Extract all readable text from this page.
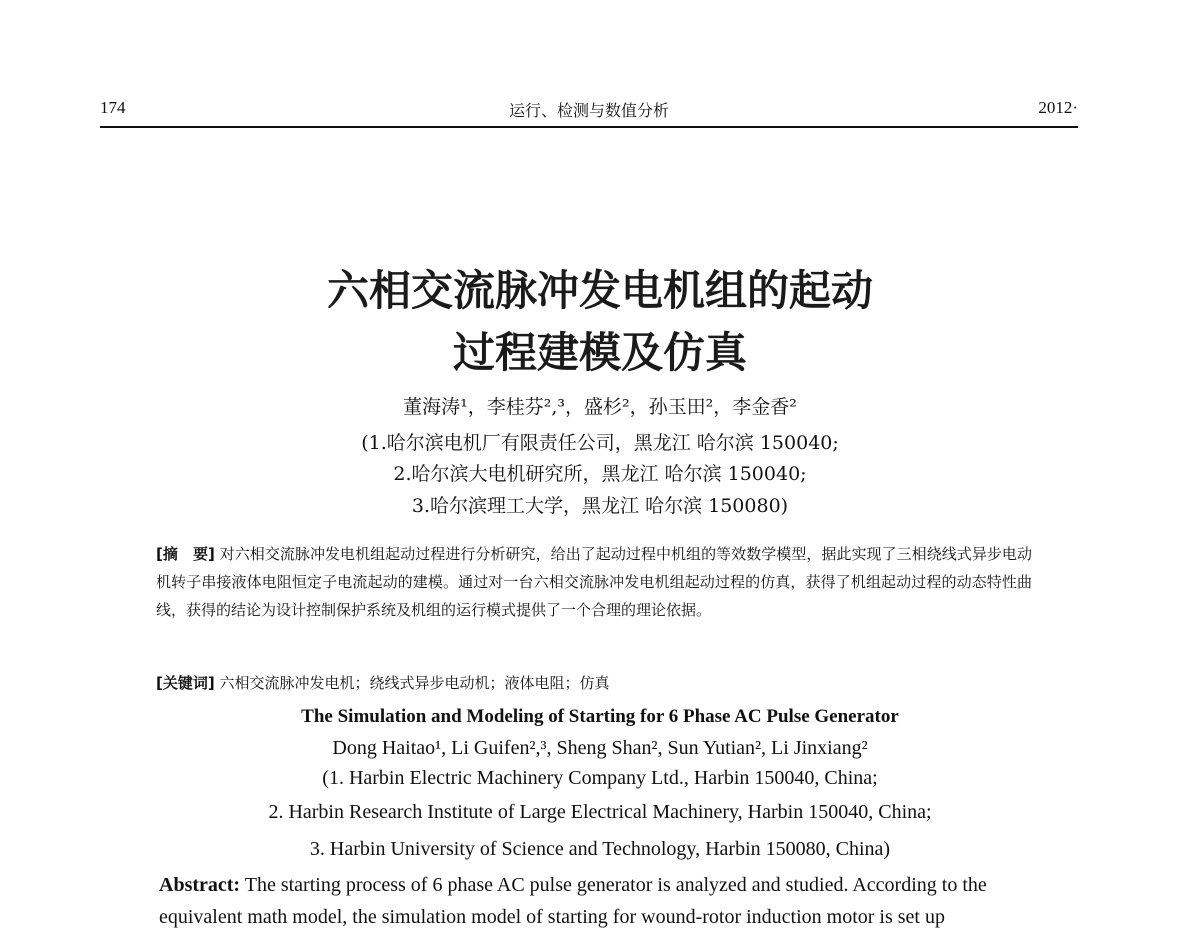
174	运行、检测与数值分析	2012·
六相交流脉冲发电机组的起动
过程建模及仿真
董海涛¹，李桂芬²,³，盛杉²，孙玉田²，李金香²
(1.哈尔滨电机厂有限责任公司，黑龙江 哈尔滨 150040;
2.哈尔滨大电机研究所，黑龙江 哈尔滨 150040;
3.哈尔滨理工大学，黑龙江 哈尔滨 150080)
[摘　要] 对六相交流脉冲发电机组起动过程进行分析研究，给出了起动过程中机组的等效数学模型，据此实现了三相绕线式异步电动机转子串接液体电阻恒定子电流起动的建模。通过对一台六相交流脉冲发电机组起动过程的仿真，获得了机组起动过程的动态特性曲线，获得的结论为设计控制保护系统及机组的运行模式提供了一个合理的理论依据。
[关键词] 六相交流脉冲发电机；绕线式异步电动机；液体电阻；仿真
The Simulation and Modeling of Starting for 6 Phase AC Pulse Generator
Dong Haitao¹, Li Guifen²,³, Sheng Shan², Sun Yutian², Li Jinxiang²
(1. Harbin Electric Machinery Company Ltd., Harbin 150040, China;
2. Harbin Research Institute of Large Electrical Machinery, Harbin 150040, China;
3. Harbin University of Science and Technology, Harbin 150080, China)
Abstract: The starting process of 6 phase AC pulse generator is analyzed and studied. According to the equivalent math model, the simulation model of starting for wound-rotor induction motor is set up
